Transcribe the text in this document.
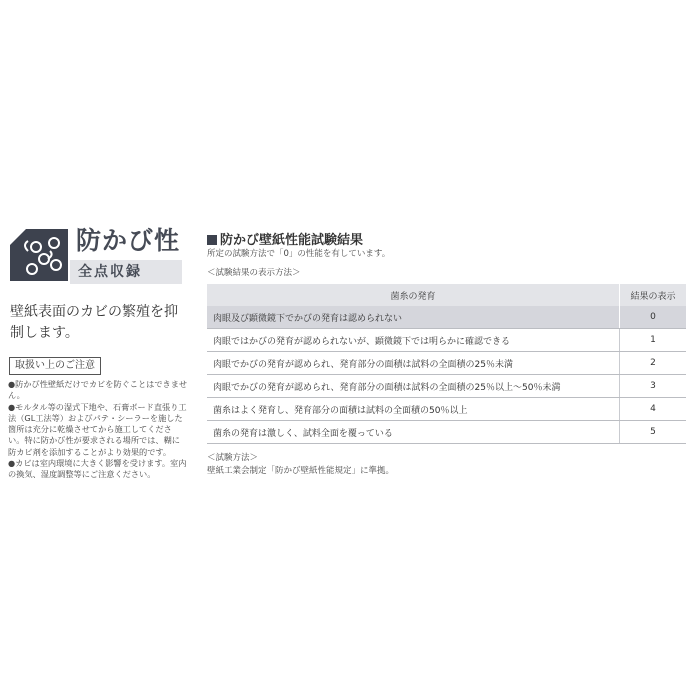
防かび性
全点収録
壁紙表面のカビの繁殖を抑制します。
取扱い上のご注意

●防かび性壁紙だけでカビを防ぐことはできません。

●モルタル等の湿式下地や、石膏ボード直張り工法（GL工法等）およびパテ・シーラーを施した箇所は充分に乾燥させてから施工してください。特に防かび性が要求される場所では、糊に防カビ剤を添加することがより効果的です。

●カビは室内環境に大きく影響を受けます。室内の換気、湿度調整等にご注意ください。

防かび壁紙性能試験結果
所定の試験方法で「0」の性能を有しています。
＜試験結果の表示方法＞
菌糸の発育	結果の表示
肉眼及び顕微鏡下でかびの発育は認められない	0
肉眼ではかびの発育が認められないが、顕微鏡下では明らかに確認できる	1
肉眼でかびの発育が認められ、発育部分の面積は試料の全面積の25％未満	2
肉眼でかびの発育が認められ、発育部分の面積は試料の全面積の25％以上〜50％未満	3
菌糸はよく発育し、発育部分の面積は試料の全面積の50％以上	4
菌糸の発育は激しく、試料全面を覆っている	5
＜試験方法＞
壁紙工業会制定「防かび壁紙性能規定」に準拠。
